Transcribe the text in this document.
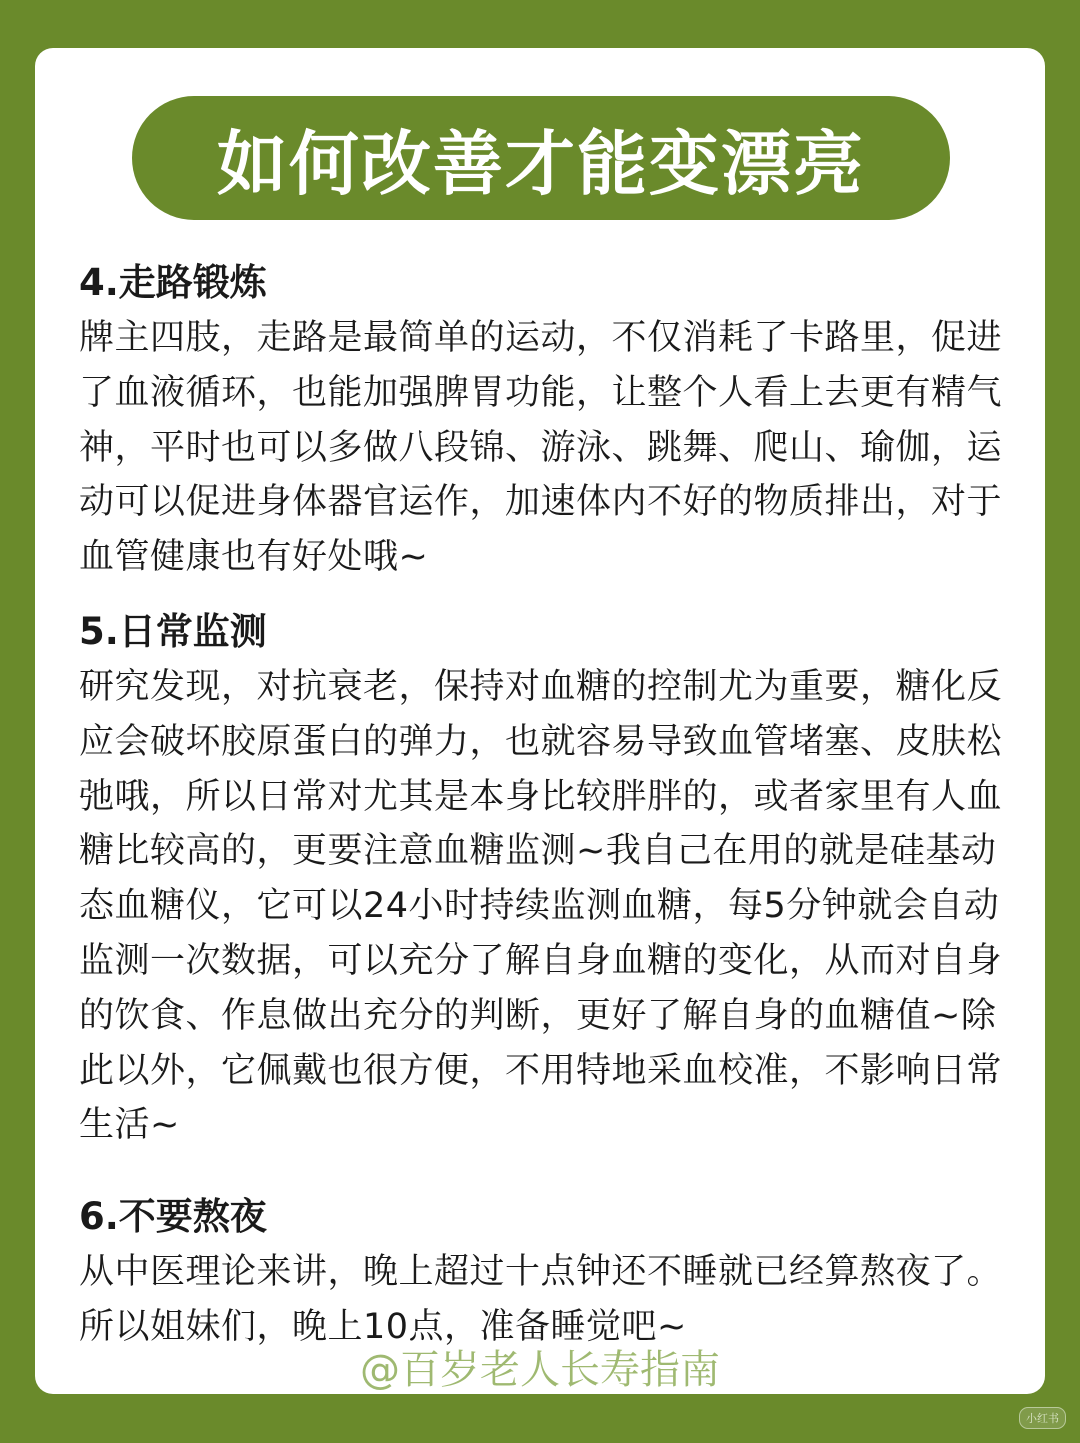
如何改善才能变漂亮
4.走路锻炼
牌主四肢，走路是最简单的运动，不仅消耗了卡路里，促进了血液循环，也能加强脾胃功能，让整个人看上去更有精气神，平时也可以多做八段锦、游泳、跳舞、爬山、瑜伽，运动可以促进身体器官运作，加速体内不好的物质排出，对于血管健康也有好处哦~
5.日常监测
研究发现，对抗衰老，保持对血糖的控制尤为重要，糖化反应会破坏胶原蛋白的弹力，也就容易导致血管堵塞、皮肤松弛哦，所以日常对尤其是本身比较胖胖的，或者家里有人血糖比较高的，更要注意血糖监测~我自己在用的就是硅基动态血糖仪，它可以24小时持续监测血糖，每5分钟就会自动监测一次数据，可以充分了解自身血糖的变化，从而对自身的饮食、作息做出充分的判断，更好了解自身的血糖值~除此以外，它佩戴也很方便，不用特地采血校准，不影响日常生活~
6.不要熬夜
从中医理论来讲，晚上超过十点钟还不睡就已经算熬夜了。所以姐妹们，晚上10点，准备睡觉吧~
@百岁老人长寿指南
小红书
